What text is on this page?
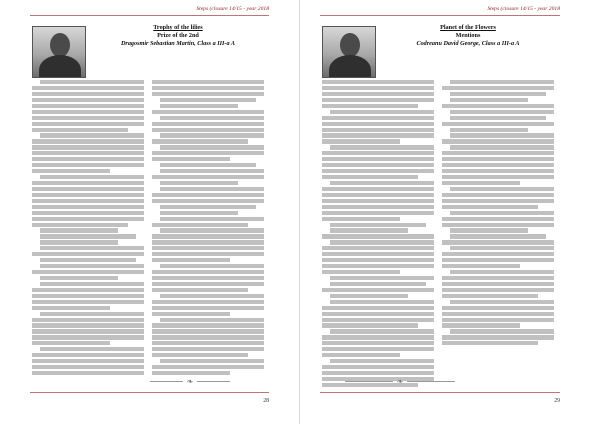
Steps (closure 14/15 - year 2018
Trophy of the lilies
Prize of the 2nd
Dragosmir Sebastian Martin, Class a III-a A
❧
28
Steps (closure 14/15 - year 2018
Planet of the Flowers
Mentions
Codreanu David George, Class a III-a A
❧
29
